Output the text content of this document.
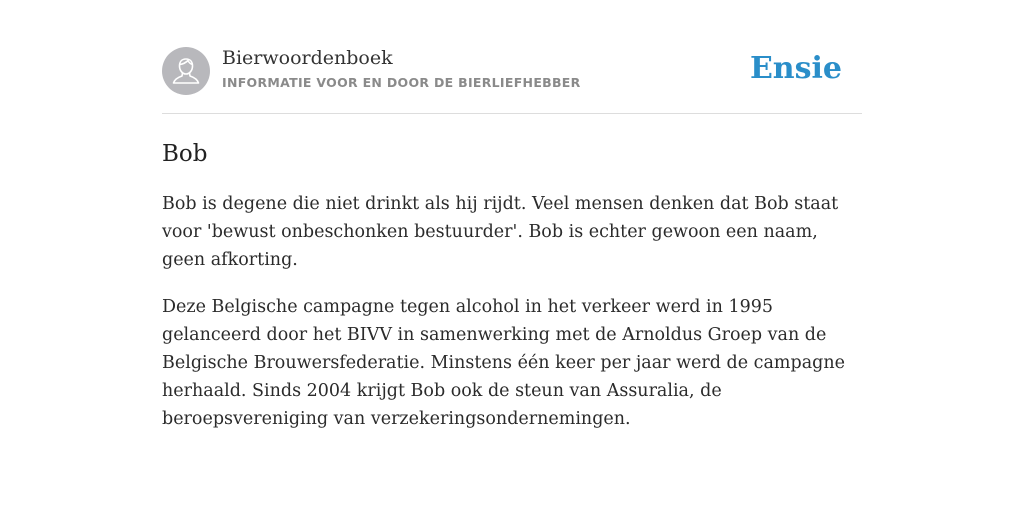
Bierwoordenboek
INFORMATIE VOOR EN DOOR DE BIERLIEFHEBBER	Ensie
Bob

Bob is degene die niet drinkt als hij rijdt. Veel mensen denken dat Bob staat voor 'bewust onbeschonken bestuurder'. Bob is echter gewoon een naam, geen afkorting.

Deze Belgische campagne tegen alcohol in het verkeer werd in 1995 gelanceerd door het BIVV in samenwerking met de Arnoldus Groep van de Belgische Brouwersfederatie. Minstens één keer per jaar werd de campagne herhaald. Sinds 2004 krijgt Bob ook de steun van Assuralia, de beroepsvereniging van verzekeringsondernemingen.
